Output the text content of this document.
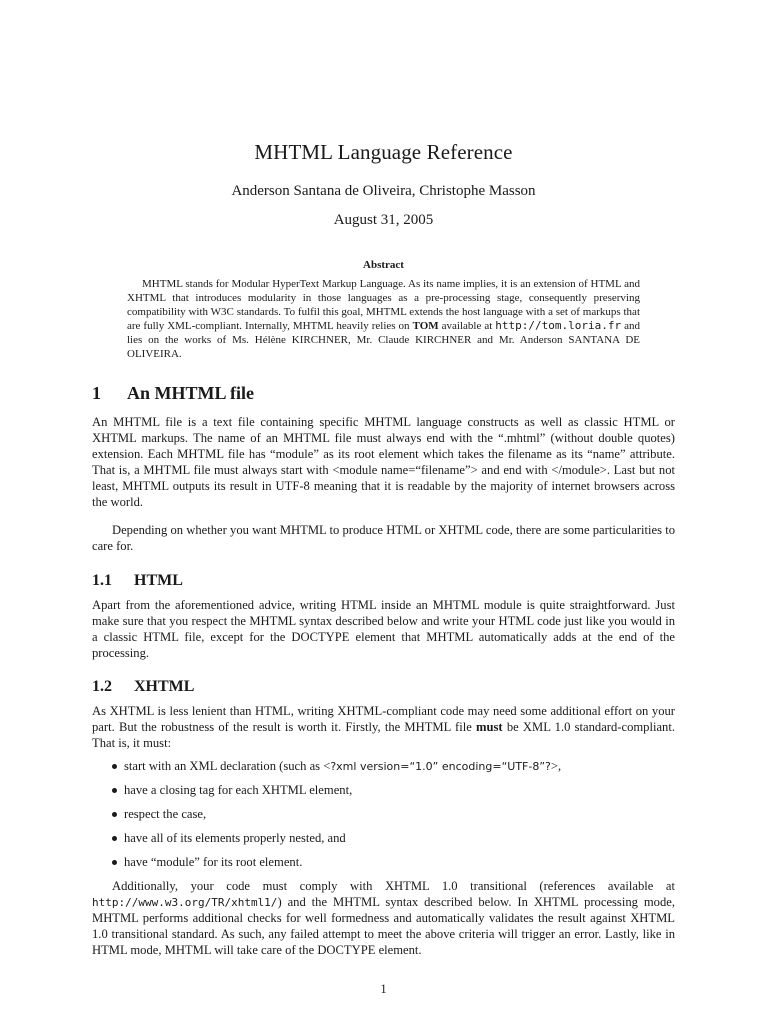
MHTML Language Reference
Anderson Santana de Oliveira, Christophe Masson
August 31, 2005
Abstract

MHTML stands for Modular HyperText Markup Language. As its name implies, it is an extension of HTML and XHTML that introduces modularity in those languages as a pre-processing stage, consequently preserving compatibility with W3C standards. To fulfil this goal, MHTML extends the host language with a set of markups that are fully XML-compliant. Internally, MHTML heavily relies on TOM available at http://tom.loria.fr and lies on the works of Ms. Hélène KIRCHNER, Mr. Claude KIRCHNER and Mr. Anderson SANTANA DE OLIVEIRA.

1 An MHTML file

An MHTML file is a text file containing specific MHTML language constructs as well as classic HTML or XHTML markups. The name of an MHTML file must always end with the “.mhtml” (without double quotes) extension. Each MHTML file has “module” as its root element which takes the filename as its “name” attribute. That is, a MHTML file must always start with <module name=“filename”> and end with </module>. Last but not least, MHTML outputs its result in UTF-8 meaning that it is readable by the majority of internet browsers across the world.

Depending on whether you want MHTML to produce HTML or XHTML code, there are some particularities to care for.

1.1 HTML

Apart from the aforementioned advice, writing HTML inside an MHTML module is quite straightforward. Just make sure that you respect the MHTML syntax described below and write your HTML code just like you would in a classic HTML file, except for the DOCTYPE element that MHTML automatically adds at the end of the processing.

1.2 XHTML

As XHTML is less lenient than HTML, writing XHTML-compliant code may need some additional effort on your part. But the robustness of the result is worth it. Firstly, the MHTML file must be XML 1.0 standard-compliant. That is, it must:

start with an XML declaration (such as <?xml version=“1.0” encoding=“UTF-8”?>,
have a closing tag for each XHTML element,
respect the case,
have all of its elements properly nested, and
have “module” for its root element.

Additionally, your code must comply with XHTML 1.0 transitional (references available at http://www.w3.org/TR/xhtml1/) and the MHTML syntax described below. In XHTML processing mode, MHTML performs additional checks for well formedness and automatically validates the result against XHTML 1.0 transitional standard. As such, any failed attempt to meet the above criteria will trigger an error. Lastly, like in HTML mode, MHTML will take care of the DOCTYPE element.

1
